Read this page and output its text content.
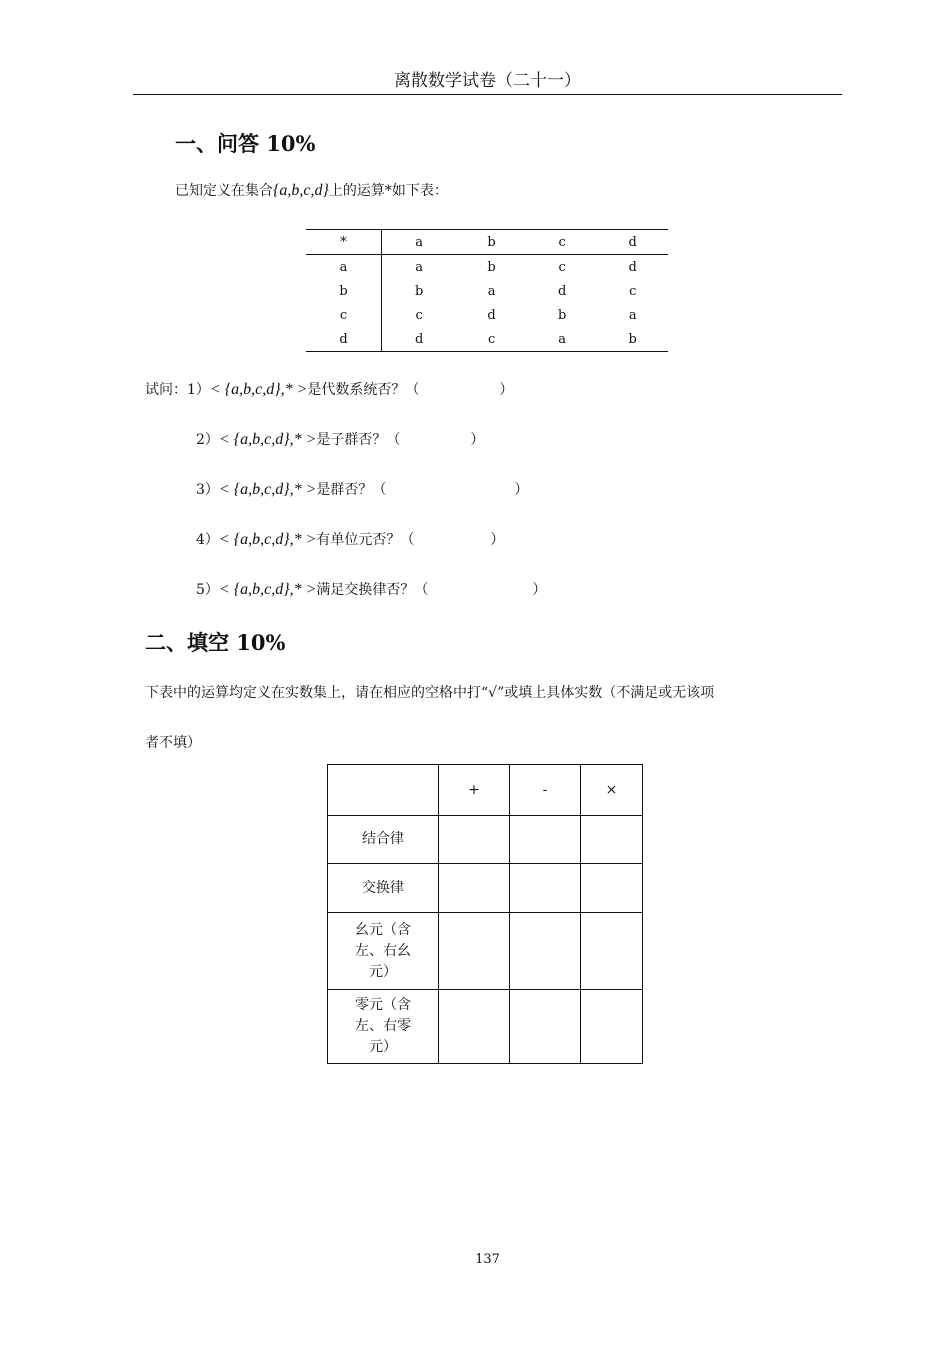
离散数学试卷（二十一）
一、问答 10%
已知定义在集合{a,b,c,d}上的运算*如下表：
*	a	b	c	d
a	a	b	c	d
b	b	a	d	c
c	c	d	b	a
d	d	c	a	b
试问：1）< {a,b,c,d},* >是代数系统否？（	）
2）< {a,b,c,d},* >是子群否？（	）
3）< {a,b,c,d},* >是群否？（	）
4）< {a,b,c,d},* >有单位元否？（	）
5）< {a,b,c,d},* >满足交换律否？（	）
二、填空 10%
下表中的运算均定义在实数集上，请在相应的空格中打“√”或填上具体实数（不满足或无该项
者不填）
	+	-	×

结合律			

交换律			

幺元（含
左、右幺
元）			

零元（含
左、右零
元）			

137
